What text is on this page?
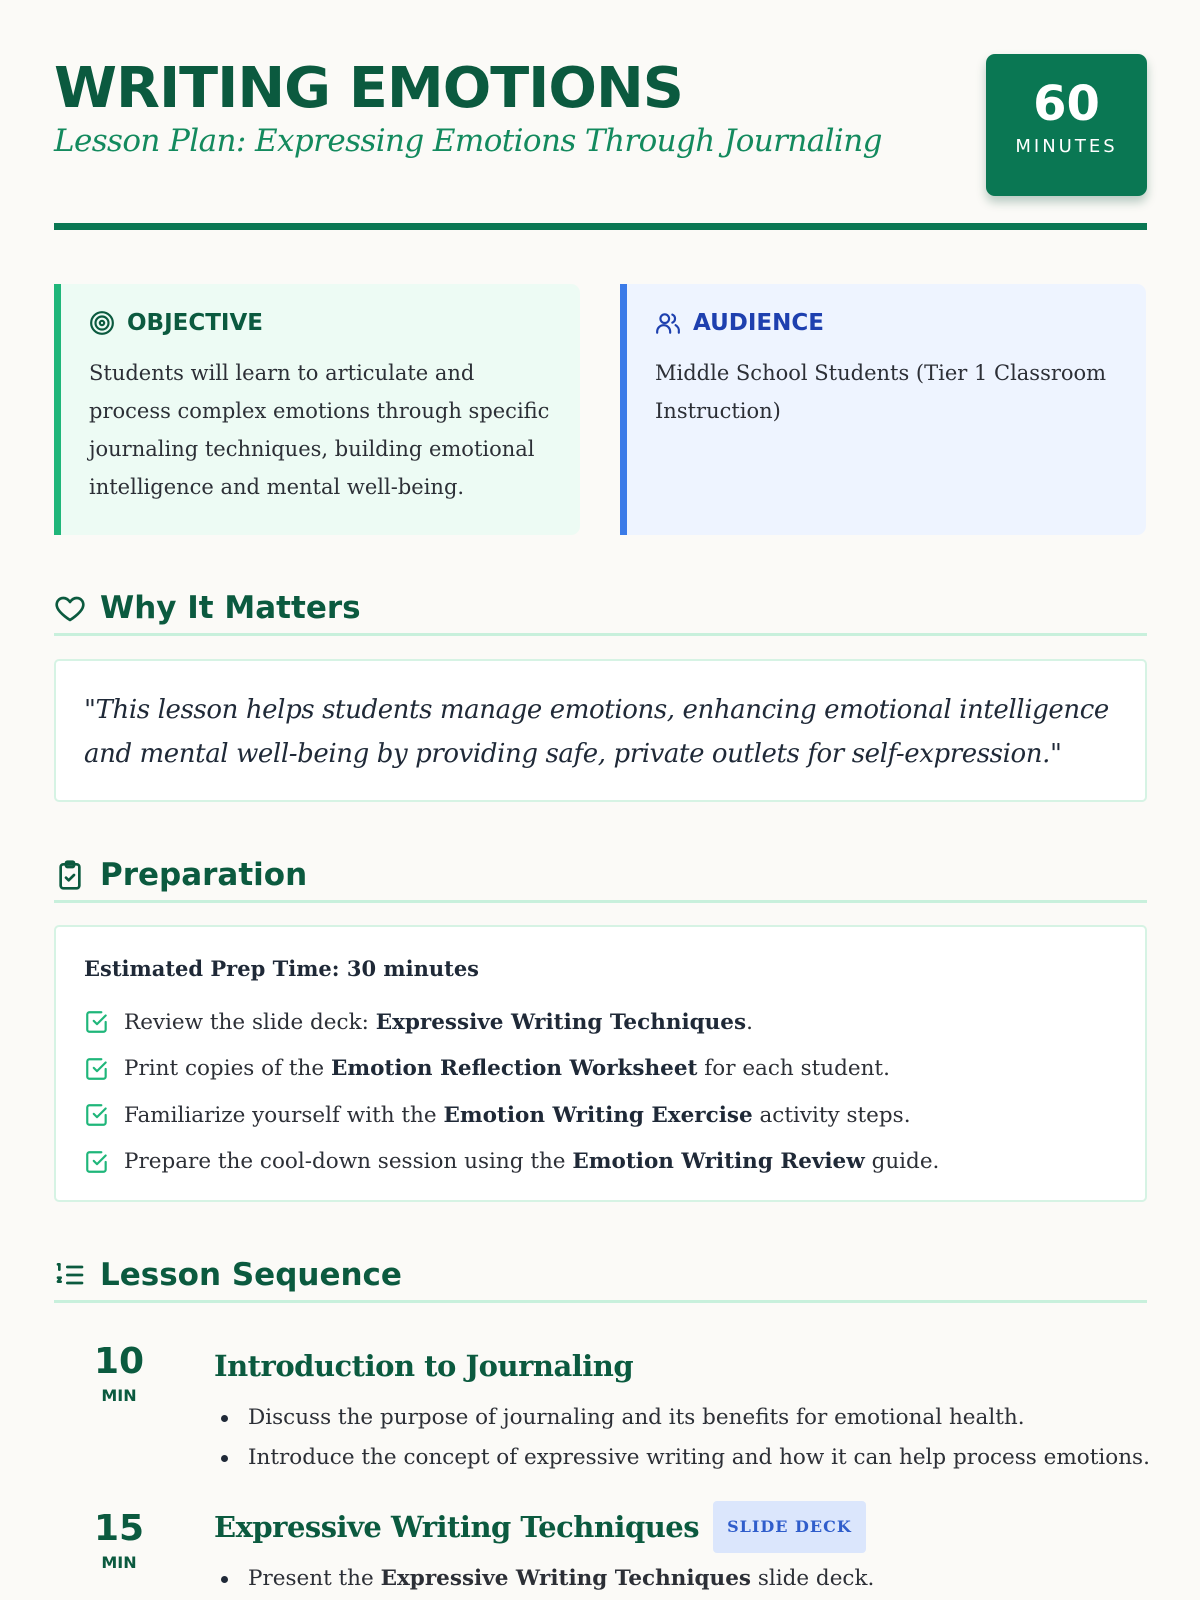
WRITING EMOTIONS
Lesson Plan: Expressing Emotions Through Journaling
60
MINUTES
OBJECTIVE
Students will learn to articulate and process complex emotions through specific journaling techniques, building emotional intelligence and mental well-being.
AUDIENCE
Middle School Students (Tier 1 Classroom Instruction)
Why It Matters
"This lesson helps students manage emotions, enhancing emotional intelligence and mental well-being by providing safe, private outlets for self-expression."
Preparation
Estimated Prep Time: 30 minutes
Review the slide deck: Expressive Writing Techniques.
Print copies of the Emotion Reflection Worksheet for each student.
Familiarize yourself with the Emotion Writing Exercise activity steps.
Prepare the cool-down session using the Emotion Writing Review guide.
Lesson Sequence
10
MIN
Introduction to Journaling
Discuss the purpose of journaling and its benefits for emotional health.
Introduce the concept of expressive writing and how it can help process emotions.
15
MIN
Expressive Writing Techniques	SLIDE DECK
Present the Expressive Writing Techniques slide deck.
